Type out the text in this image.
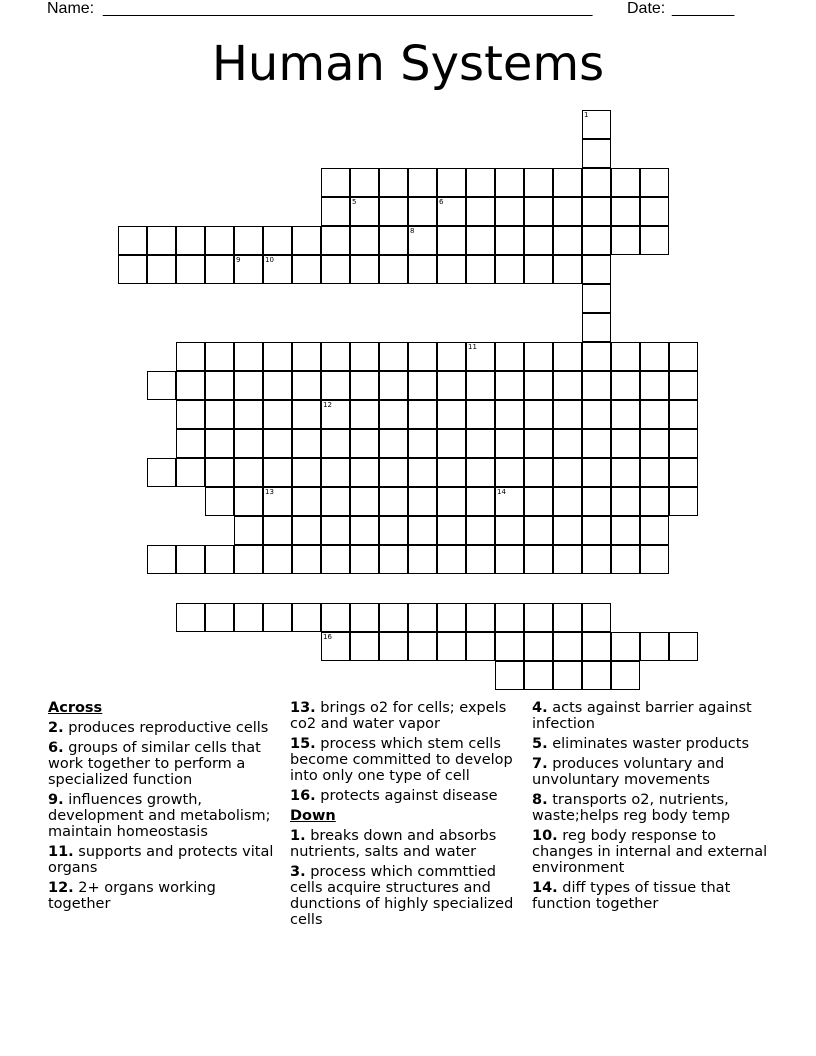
Name:

_______________________________________________________

Date:

_______

Human Systems
1
5	6
8
9	10
11
12
13	14
16
Across
2. produces reproductive cells
6. groups of similar cells that work together to perform a specialized function
9. influences growth, development and metabolism; maintain homeostasis
11. supports and protects vital organs
12. 2+ organs working together
13. brings o2 for cells; expels co2 and water vapor
15. process which stem cells become committed to develop into only one type of cell
16. protects against disease
Down
1. breaks down and absorbs nutrients, salts and water
3. process which commttied cells acquire structures and dunctions of highly specialized cells
4. acts against barrier against infection
5. eliminates waster products
7. produces voluntary and unvoluntary movements
8. transports o2, nutrients, waste;helps reg body temp
10. reg body response to changes in internal and external environment
14. diff types of tissue that function together
